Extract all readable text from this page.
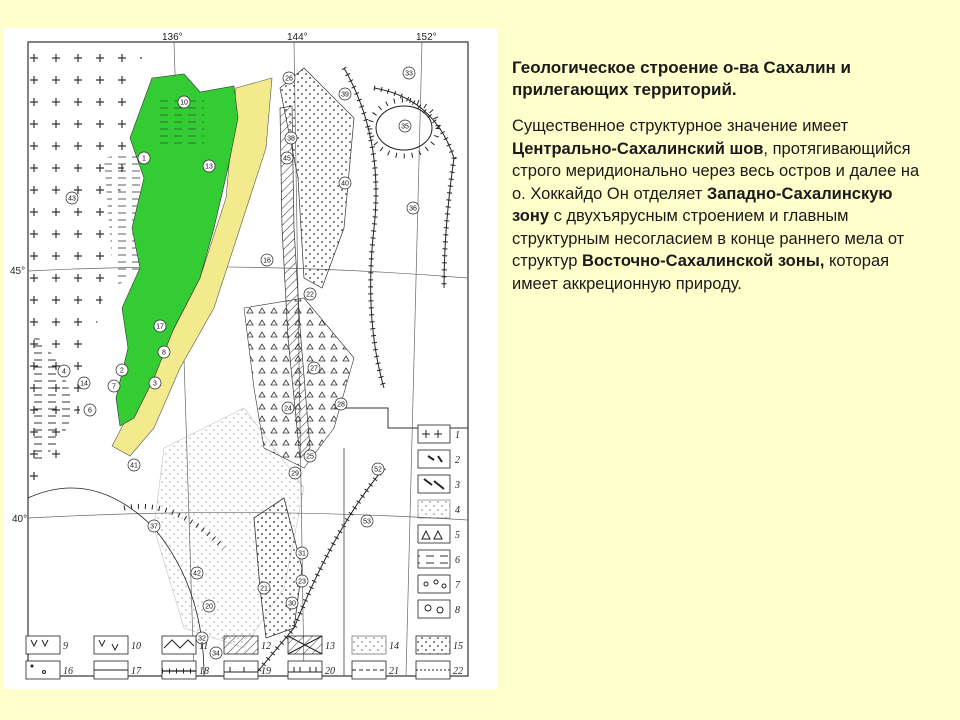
136°	144°	152°
45°
40°
26
33
39
35
36
40
45
38
10
13
1
43
42
31
29
37
30
41
32
34
52
53
27
28
22
24
25
16
17
3
2
14
4
6
8
7
20
21
23
1
2
3
4
5
6
7
8
9	10	11	12	13	14	15
16	17	18	19	20	21	22

Геологическое строение о-ва Сахалин и прилегающих территорий.

Существенное структурное значение имеет Центрально-Сахалинский шов, протягивающийся строго меридионально через весь остров и далее на о. Хоккайдо Он отделяет Западно-Сахалинскую зону с двухъярусным строением и главным структурным несогласием в конце раннего мела от структур Восточно-Сахалинской зоны, которая имеет аккреционную природу.
